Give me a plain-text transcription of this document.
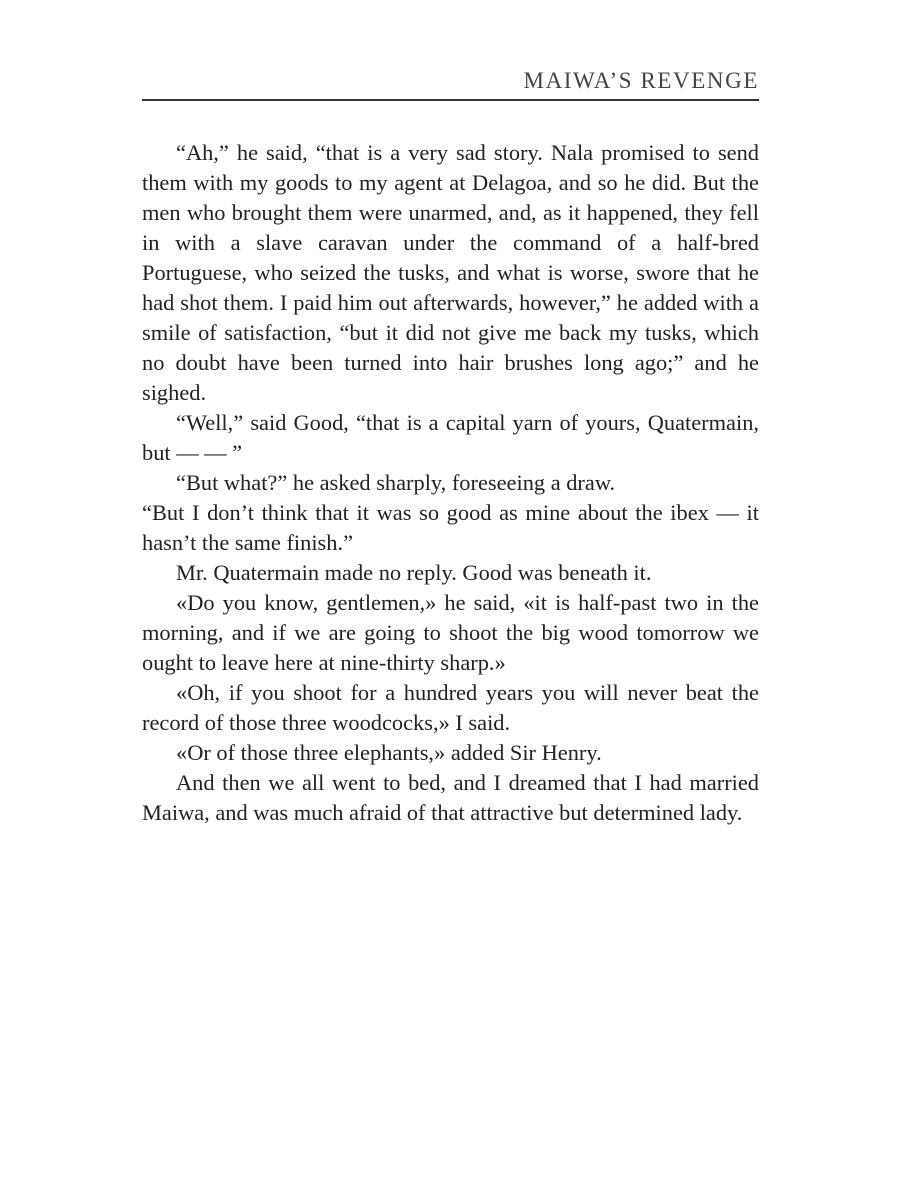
MAIWA’S REVENGE

“Ah,” he said, “that is a very sad story. Nala promised to send them with my goods to my agent at Delagoa, and so he did. But the men who brought them were unarmed, and, as it happened, they fell in with a slave caravan under the command of a half-bred Portuguese, who seized the tusks, and what is worse, swore that he had shot them. I paid him out afterwards, however,” he added with a smile of satisfaction, “but it did not give me back my tusks, which no doubt have been turned into hair brushes long ago;” and he sighed.

“Well,” said Good, “that is a capital yarn of yours, Quatermain, but — — ”

“But what?” he asked sharply, foreseeing a draw.

“But I don’t think that it was so good as mine about the ibex — it hasn’t the same finish.”

Mr. Quatermain made no reply. Good was beneath it.

«Do you know, gentlemen,» he said, «it is half-past two in the morning, and if we are going to shoot the big wood tomorrow we ought to leave here at nine-thirty sharp.»

«Oh, if you shoot for a hundred years you will never beat the record of those three woodcocks,» I said.

«Or of those three elephants,» added Sir Henry.

And then we all went to bed, and I dreamed that I had married Maiwa, and was much afraid of that attractive but determined lady.
